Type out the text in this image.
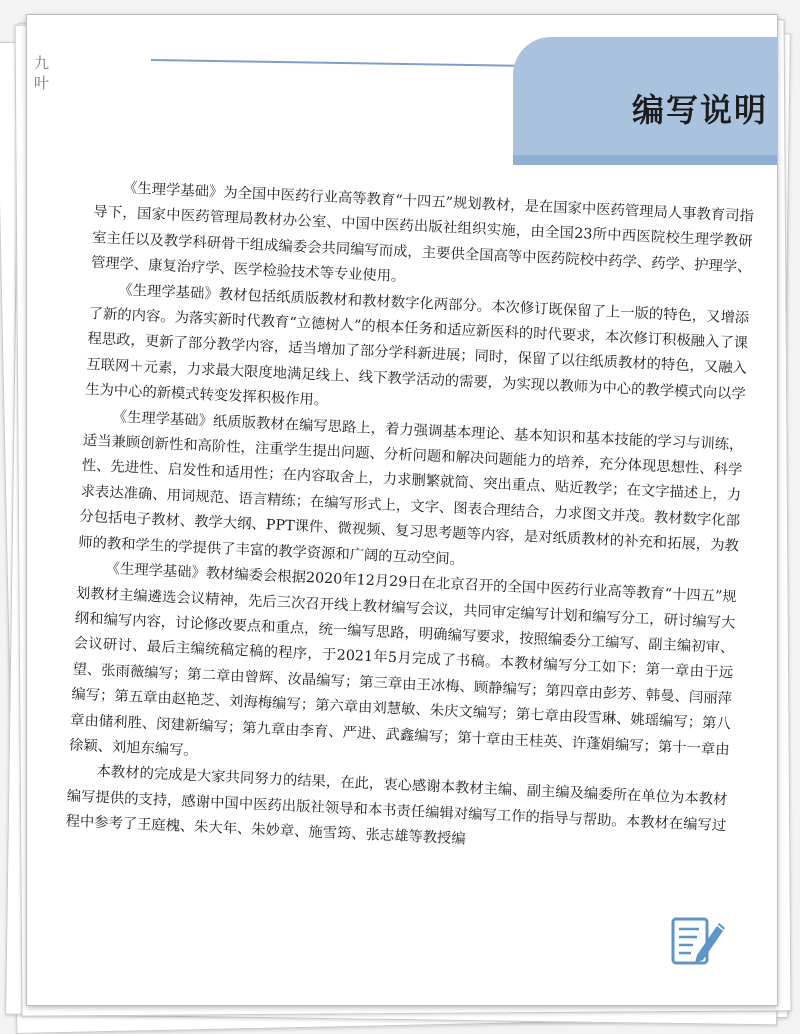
九 叶
编写说明

《生理学基础》为全国中医药行业高等教育“十四五”规划教材，是在国家中医药管理局人事教育司指导下，国家中医药管理局教材办公室、中国中医药出版社组织实施，由全国23所中西医院校生理学教研室主任以及教学科研骨干组成编委会共同编写而成，主要供全国高等中医药院校中药学、药学、护理学、管理学、康复治疗学、医学检验技术等专业使用。

《生理学基础》教材包括纸质版教材和教材数字化两部分。本次修订既保留了上一版的特色，又增添了新的内容。为落实新时代教育“立德树人”的根本任务和适应新医科的时代要求，本次修订积极融入了课程思政，更新了部分教学内容，适当增加了部分学科新进展；同时，保留了以往纸质教材的特色，又融入互联网＋元素，力求最大限度地满足线上、线下教学活动的需要，为实现以教师为中心的教学模式向以学生为中心的新模式转变发挥积极作用。

《生理学基础》纸质版教材在编写思路上，着力强调基本理论、基本知识和基本技能的学习与训练，适当兼顾创新性和高阶性，注重学生提出问题、分析问题和解决问题能力的培养，充分体现思想性、科学性、先进性、启发性和适用性；在内容取舍上，力求删繁就简、突出重点、贴近教学；在文字描述上，力求表达准确、用词规范、语言精练；在编写形式上，文字、图表合理结合，力求图文并茂。教材数字化部分包括电子教材、教学大纲、PPT课件、微视频、复习思考题等内容，是对纸质教材的补充和拓展，为教师的教和学生的学提供了丰富的教学资源和广阔的互动空间。

《生理学基础》教材编委会根据2020年12月29日在北京召开的全国中医药行业高等教育“十四五”规划教材主编遴选会议精神，先后三次召开线上教材编写会议，共同审定编写计划和编写分工，研讨编写大纲和编写内容，讨论修改要点和重点，统一编写思路，明确编写要求，按照编委分工编写、副主编初审、会议研讨、最后主编统稿定稿的程序，于2021年5月完成了书稿。本教材编写分工如下：第一章由于远望、张雨薇编写；第二章由曾辉、汝晶编写；第三章由王冰梅、顾静编写；第四章由彭芳、韩曼、闫丽萍编写；第五章由赵艳芝、刘海梅编写；第六章由刘慧敏、朱庆文编写；第七章由段雪琳、姚瑶编写；第八章由储利胜、闵建新编写；第九章由李育、严进、武鑫编写；第十章由王桂英、许蓬娟编写；第十一章由徐颖、刘旭东编写。

本教材的完成是大家共同努力的结果，在此，衷心感谢本教材主编、副主编及编委所在单位为本教材编写提供的支持，感谢中国中医药出版社领导和本书责任编辑对编写工作的指导与帮助。本教材在编写过程中参考了王庭槐、朱大年、朱妙章、施雪筠、张志雄等教授编
